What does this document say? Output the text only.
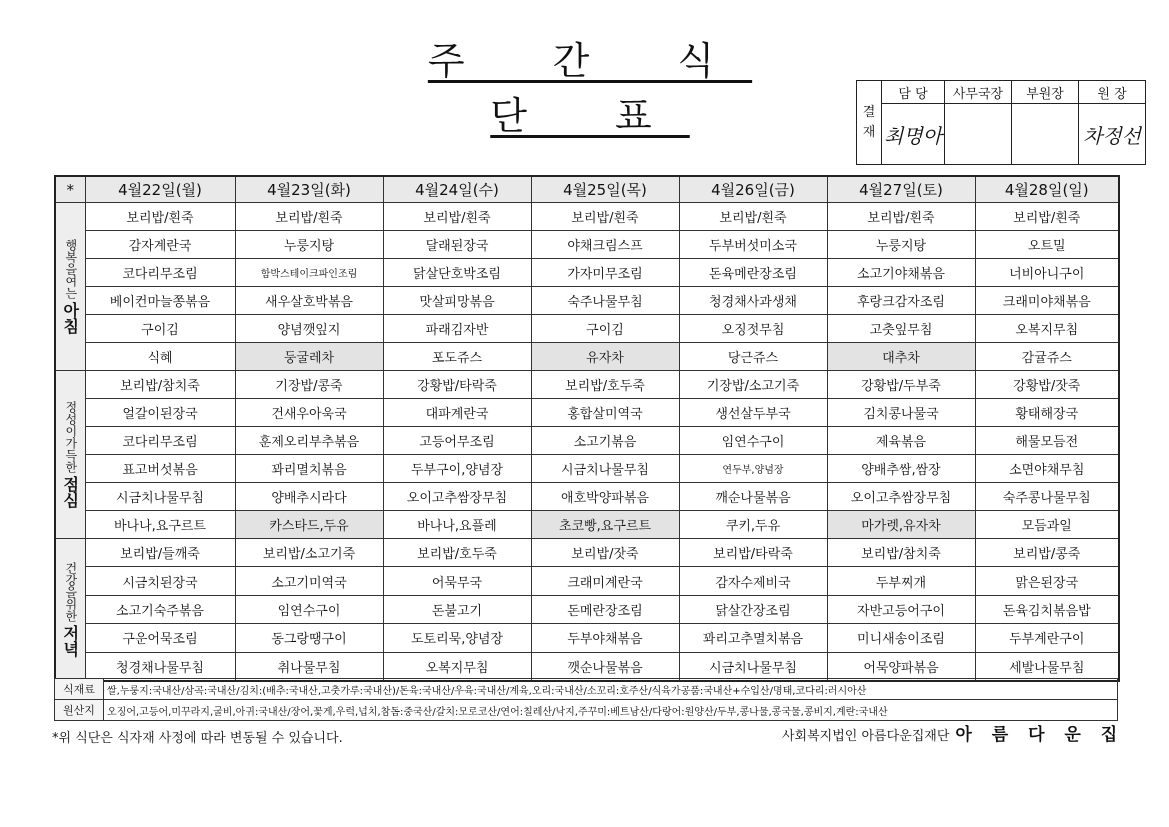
주 간 식 단 표	결재	담 당	사무국장	부원장	원 장
	최명아			차정선
*	4월22일(월)	4월23일(화)	4월24일(수)	4월25일(목)	4월26일(금)	4월27일(토)	4월28일(일)

행복을여는
아침	보리밥/흰죽	보리밥/흰죽	보리밥/흰죽	보리밥/흰죽	보리밥/흰죽	보리밥/흰죽	보리밥/흰죽
	감자계란국	누룽지탕	달래된장국	야채크림스프	두부버섯미소국	누룽지탕	오트밀
	코다리무조림	함박스테이크파인조림	닭살단호박조림	가자미무조림	돈육메란장조림	소고기야채볶음	너비아니구이
	베이컨마늘쫑볶음	새우살호박볶음	맛살피망볶음	숙주나물무침	청경채사과생채	후랑크감자조림	크래미야채볶음
	구이김	양념깻잎지	파래김자반	구이김	오징젓무침	고춧잎무침	오복지무침
	식혜	둥굴레차	포도쥬스	유자차	당근쥬스	대추차	감귤쥬스

정성이가득한
점심	보리밥/참치죽	기장밥/콩죽	강황밥/타락죽	보리밥/호두죽	기장밥/소고기죽	강황밥/두부죽	강황밥/잣죽
	얼갈이된장국	건새우아욱국	대파계란국	홍합살미역국	생선살두부국	김치콩나물국	황태해장국
	코다리무조림	훈제오리부추볶음	고등어무조림	소고기볶음	임연수구이	제육볶음	해물모듬전
	표고버섯볶음	꽈리멸치볶음	두부구이,양념장	시금치나물무침	연두부,양념장	양배추쌈,쌈장	소면야채무침
	시금치나물무침	양배추시라다	오이고추쌈장무침	애호박양파볶음	깨순나물볶음	오이고추쌈장무침	숙주콩나물무침
	바나나,요구르트	카스타드,두유	바나나,요플레	초코빵,요구르트	쿠키,두유	마가렛,유자차	모듬과일

건강을위한
저녁	보리밥/들깨죽	보리밥/소고기죽	보리밥/호두죽	보리밥/잣죽	보리밥/타락죽	보리밥/참치죽	보리밥/콩죽
	시금치된장국	소고기미역국	어묵무국	크래미계란국	감자수제비국	두부찌개	맑은된장국
	소고기숙주볶음	임연수구이	돈불고기	돈메란장조림	닭살간장조림	자반고등어구이	돈육김치볶음밥
	구운어묵조림	동그랑땡구이	도토리묵,양념장	두부야채볶음	꽈리고추멸치볶음	미니새송이조림	두부계란구이
	청경채나물무침	취나물무침	오복지무침	깻순나물볶음	시금치나물무침	어묵양파볶음	세발나물무침
식재료	쌀,누룽지:국내산/삼곡:국내산/김치:(배추:국내산,고춧가루:국내산)/돈육:국내산/우육:국내산/계육,오리:국내산/소꼬리:호주산/식육가공품:국내산+수입산/명태,코다리:러시아산
원산지	오징어,고등어,미꾸라지,굴비,아귀:국내산/장어,꽃게,우럭,넙치,참돔:중국산/갈치:모로코산/연어:칠레산/낙지,주꾸미:베트남산/다랑어:원양산/두부,콩나물,콩국물,콩비지,계란:국내산
*위 식단은 식자재 사정에 따라 변동될 수 있습니다.	사회복지법인 아름다운집재단 아 름 다 운 집
